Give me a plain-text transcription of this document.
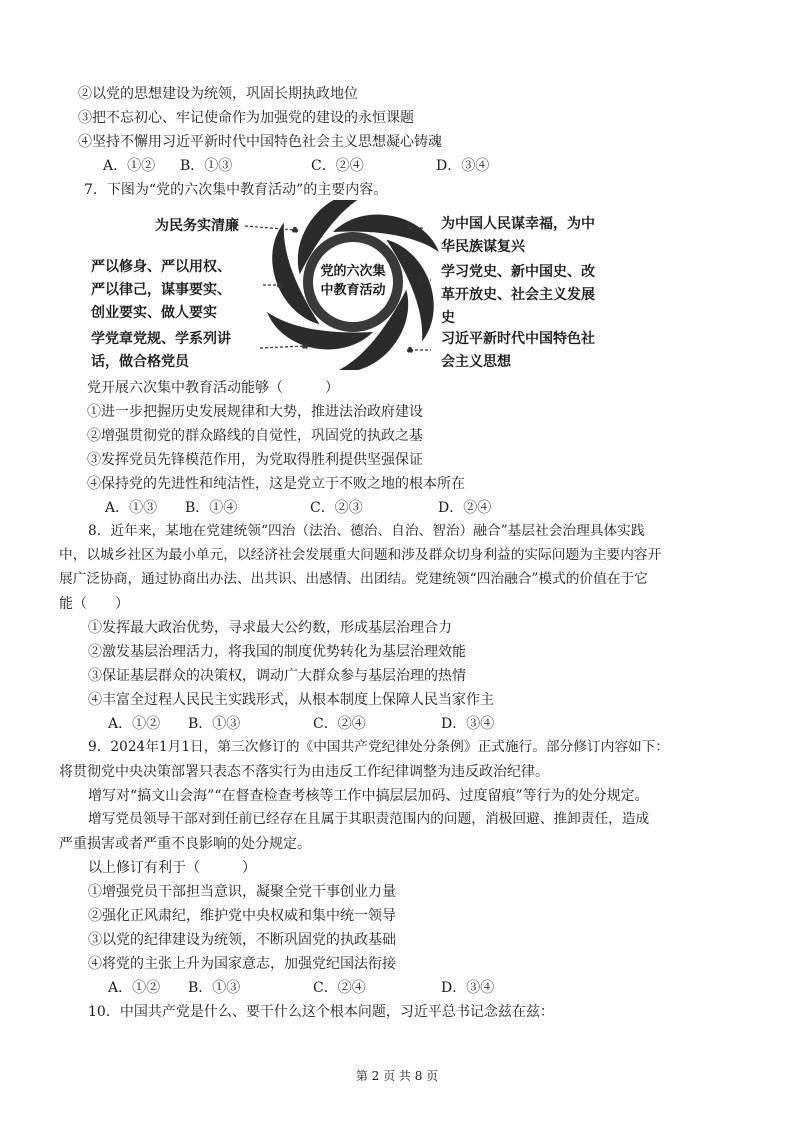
②以党的思想建设为统领，巩固长期执政地位
③把不忘初心、牢记使命作为加强党的建设的永恒课题
④坚持不懈用习近平新时代中国特色社会主义思想凝心铸魂
A．①② B．①③	C．②④	D．③④
7．下图为“党的六次集中教育活动”的主要内容。
党的六次集
中教育活动
为民务实清廉
严以修身、严以用权、
严以律己，谋事要实、
创业要实、做人要实
学党章党规、学系列讲
话，做合格党员
为中国人民谋幸福，为中
华民族谋复兴
学习党史、新中国史、改
革开放史、社会主义发展
史
习近平新时代中国特色社
会主义思想
党开展六次集中教育活动能够（　　　）
①进一步把握历史发展规律和大势，推进法治政府建设
②增强贯彻党的群众路线的自觉性，巩固党的执政之基
③发挥党员先锋模范作用，为党取得胜利提供坚强保证
④保持党的先进性和纯洁性，这是党立于不败之地的根本所在
A．①③ B．①④	C．②③	D．②④
8．近年来，某地在党建统领“四治（法治、德治、自治、智治）融合”基层社会治理具体实践
中，以城乡社区为最小单元，以经济社会发展重大问题和涉及群众切身利益的实际问题为主要内容开
展广泛协商，通过协商出办法、出共识、出感情、出团结。党建统领“四治融合”模式的价值在于它
能（　　）
①发挥最大政治优势，寻求最大公约数，形成基层治理合力
②激发基层治理活力，将我国的制度优势转化为基层治理效能
③保证基层群众的决策权，调动广大群众参与基层治理的热情
④丰富全过程人民民主实践形式，从根本制度上保障人民当家作主
A．①② B．①③	C．②④	D．③④
9．2024年1月1日，第三次修订的《中国共产党纪律处分条例》正式施行。部分修订内容如下：
将贯彻党中央决策部署只表态不落实行为由违反工作纪律调整为违反政治纪律。
增写对“搞文山会海”“在督查检查考核等工作中搞层层加码、过度留痕”等行为的处分规定。
增写党员领导干部对到任前已经存在且属于其职责范围内的问题，消极回避、推卸责任，造成
严重损害或者严重不良影响的处分规定。
以上修订有利于（　　　）
①增强党员干部担当意识，凝聚全党干事创业力量
②强化正风肃纪，维护党中央权威和集中统一领导
③以党的纪律建设为统领，不断巩固党的执政基础
④将党的主张上升为国家意志，加强党纪国法衔接
A．①② B．①③	C．②④	D．③④
10．中国共产党是什么、要干什么这个根本问题，习近平总书记念兹在兹：
第 2 页 共 8 页
